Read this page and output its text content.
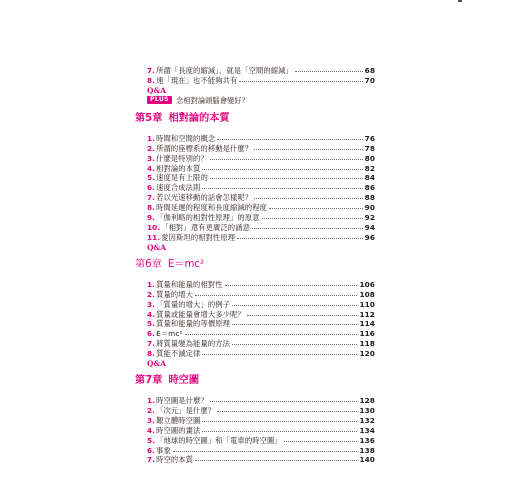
7. 所謂「長度的縮減」，就是「空間的縮減」	68
8. 連「現在」也不能夠共有	70
Q&A
PLUS 念相對論頭腦會變好？
第5章 相對論的本質
1. 時間和空間的概念	76
2. 所謂的座標系的移動是什麼？	78
3. 什麼是特別的？	80
4. 相對論的本質	82
5. 速度是有上限的	84
6. 速度合成法則	86
7. 若以光速移動的話會怎樣呢？	88
8. 時間延遲的程度和長度縮減的程度	90
9. 「伽利略的相對性原理」的原意	92
10. 「相對」還有更廣泛的涵意	94
11. 愛因斯坦的相對性原理	96
Q&A
第6章 E＝mc²
1. 質量和能量的相對性	106
2. 質量的增大	108
3. 「質量的增大」的例子	110
4. 質量或能量會增大多少呢？	112
5. 質量和能量的等價原理	114
6. E＝mc²	116
7. 將質量變為能量的方法	118
8. 質能不滅定律	120
Q&A
第7章 時空圖
1. 時空圖是什麼？	128
2. 「次元」是什麼？	130
3. 艱立體時空圖	132
4. 時空圖的畫法	134
5. 「地球的時空圖」和「電車的時空圖」	136
6. 事象	138
7. 時空的本質	140
